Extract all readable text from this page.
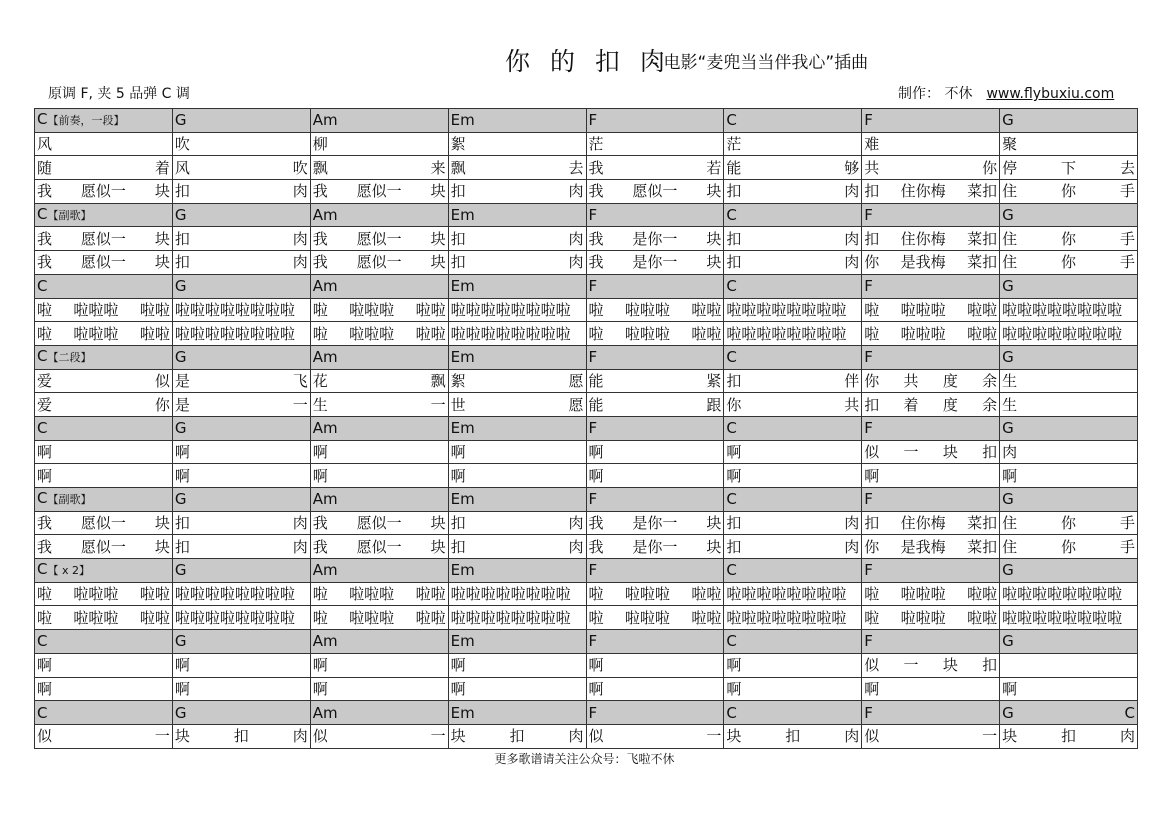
你 的 扣 肉
- 电影“麦兜当当伴我心”插曲
原调 F, 夹 5 品弹 C 调	制作： 不休 www.flybuxiu.com
C【前奏，一段】	G	Am	Em	F	C	F	G

风	吹	柳	絮	茫	茫	难	聚

随 着	风 吹	飘 来	飘 去	我 若	能 够	共 你	停 下 去

我 愿似一 块	扣 肉	我 愿似一 块	扣 肉	我 愿似一 块	扣 肉	扣 住你梅 菜扣	住 你 手

C【副歌】	G	Am	Em	F	C	F	G

我 愿似一 块	扣 肉	我 愿似一 块	扣 肉	我 是你一 块	扣 肉	扣 住你梅 菜扣	住 你 手

我 愿似一 块	扣 肉	我 愿似一 块	扣 肉	我 是你一 块	扣 肉	你 是我梅 菜扣	住 你 手

C	G	Am	Em	F	C	F	G

啦 啦啦啦 啦啦	啦啦啦啦啦啦啦啦	啦 啦啦啦 啦啦	啦啦啦啦啦啦啦啦	啦 啦啦啦 啦啦	啦啦啦啦啦啦啦啦	啦 啦啦啦 啦啦	啦啦啦啦啦啦啦啦

啦 啦啦啦 啦啦	啦啦啦啦啦啦啦啦	啦 啦啦啦 啦啦	啦啦啦啦啦啦啦啦	啦 啦啦啦 啦啦	啦啦啦啦啦啦啦啦	啦 啦啦啦 啦啦	啦啦啦啦啦啦啦啦

C【二段】	G	Am	Em	F	C	F	G

爱 似	是 飞	花 飘	絮 愿	能 紧	扣 伴	你 共 度 余	生

爱 你	是 一	生 一	世 愿	能 跟	你 共	扣 着 度 余	生

C	G	Am	Em	F	C	F	G

啊	啊	啊	啊	啊	啊	似 一 块 扣	肉

啊	啊	啊	啊	啊	啊	啊	啊

C【副歌】	G	Am	Em	F	C	F	G

我 愿似一 块	扣 肉	我 愿似一 块	扣 肉	我 是你一 块	扣 肉	扣 住你梅 菜扣	住 你 手

我 愿似一 块	扣 肉	我 愿似一 块	扣 肉	我 是你一 块	扣 肉	你 是我梅 菜扣	住 你 手

C【 x 2】	G	Am	Em	F	C	F	G

啦 啦啦啦 啦啦	啦啦啦啦啦啦啦啦	啦 啦啦啦 啦啦	啦啦啦啦啦啦啦啦	啦 啦啦啦 啦啦	啦啦啦啦啦啦啦啦	啦 啦啦啦 啦啦	啦啦啦啦啦啦啦啦

啦 啦啦啦 啦啦	啦啦啦啦啦啦啦啦	啦 啦啦啦 啦啦	啦啦啦啦啦啦啦啦	啦 啦啦啦 啦啦	啦啦啦啦啦啦啦啦	啦 啦啦啦 啦啦	啦啦啦啦啦啦啦啦

C	G	Am	Em	F	C	F	G

啊	啊	啊	啊	啊	啊	似 一 块 扣	

啊	啊	啊	啊	啊	啊	啊	啊

C	G	Am	Em	F	C	F	G C

似 一	块 扣 肉	似 一	块 扣 肉	似 一	块 扣 肉	似 一	块 扣 肉
更多歌谱请关注公众号：飞啦不休
